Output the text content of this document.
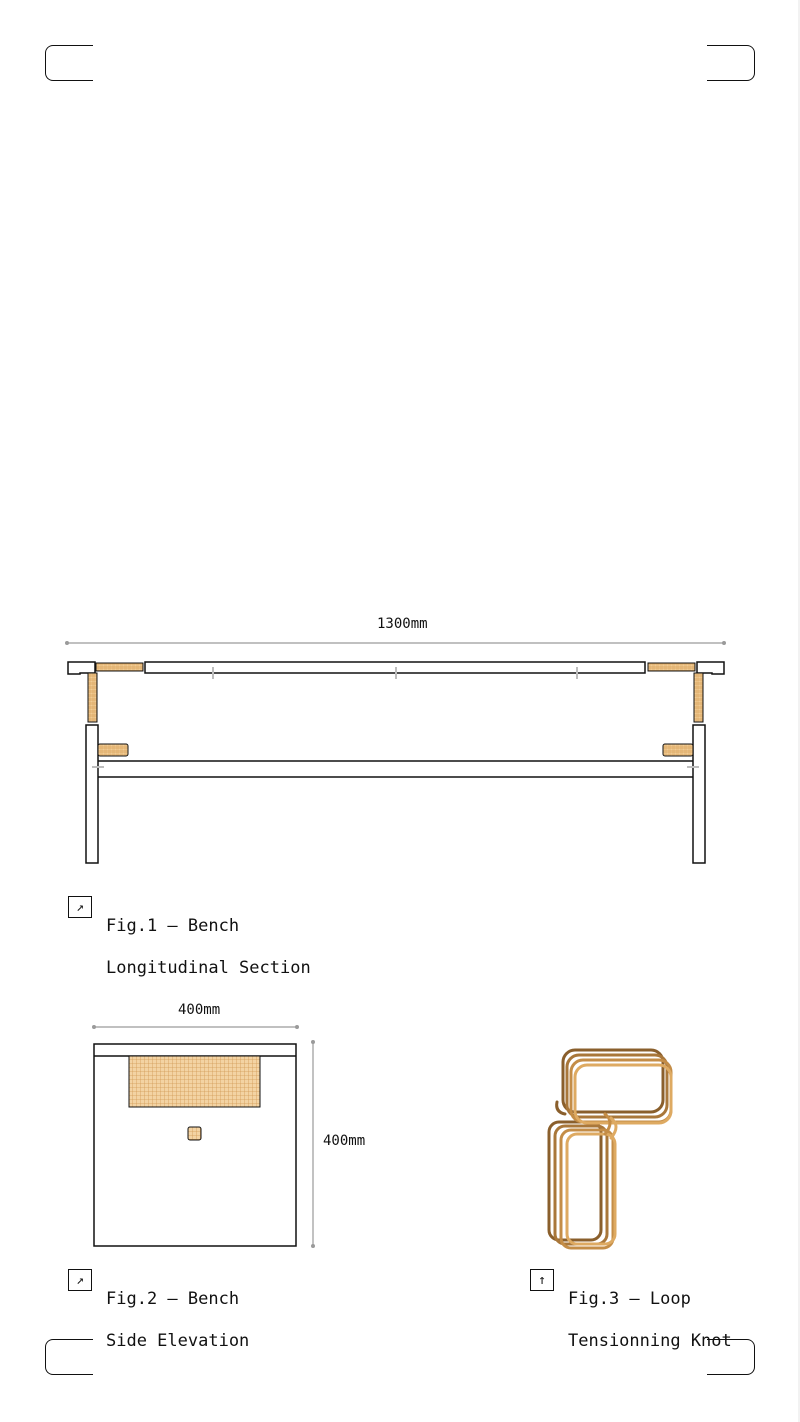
1300mm
↗

Fig.1 – Bench

Longitudinal Section

400mm
400mm
↗

Fig.2 – Bench

Side Elevation

↑

Fig.3 – Loop

Tensionning Knot
